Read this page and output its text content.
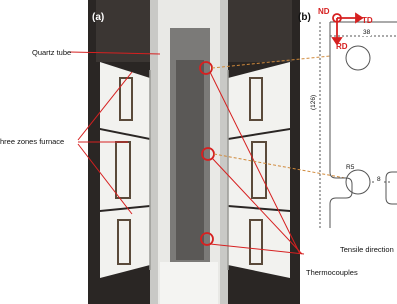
(a)	(b)
Quartz tube
hree zones furnace
Thermocouples
Tensile direction
ND
TD
RD
38
(126)
R5
8
